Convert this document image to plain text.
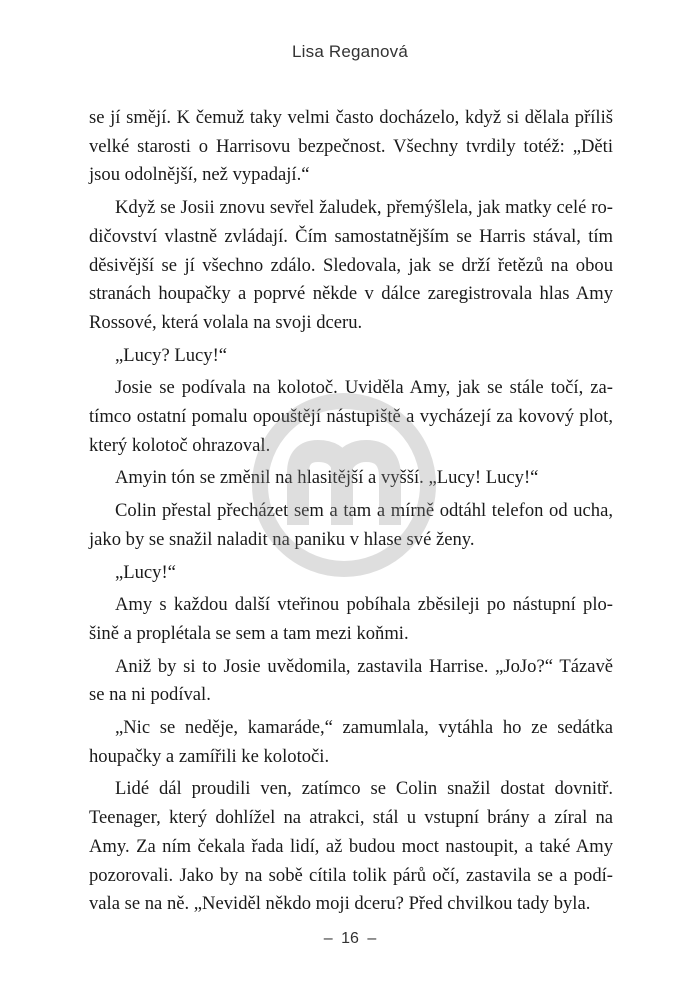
Lisa Reganová

se jí smějí. K čemuž taky velmi často docházelo, když si dělala příliš velké starosti o Harrisovu bezpečnost. Všechny tvrdily totéž: „Děti jsou odolnější, než vypadají.“

Když se Josii znovu sevřel žaludek, přemýšlela, jak matky celé rodičovství vlastně zvládají. Čím samostatnějším se Harris stával, tím děsivější se jí všechno zdálo. Sledovala, jak se drží řetězů na obou stranách houpačky a poprvé někde v dálce zaregistrovala hlas Amy Rossové, která volala na svoji dceru.

„Lucy? Lucy!“

Josie se podívala na kolotoč. Uviděla Amy, jak se stále točí, zatímco ostatní pomalu opouštějí nástupiště a vycházejí za kovový plot, který kolotoč ohrazoval.

Amyin tón se změnil na hlasitější a vyšší. „Lucy! Lucy!“

Colin přestal přecházet sem a tam a mírně odtáhl telefon od ucha, jako by se snažil naladit na paniku v hlase své ženy.

„Lucy!“

Amy s každou další vteřinou pobíhala zběsileji po nástupní plošině a proplétala se sem a tam mezi koňmi.

Aniž by si to Josie uvědomila, zastavila Harrise. „JoJo?“ Tázavě se na ni podíval.

„Nic se neděje, kamaráde,“ zamumlala, vytáhla ho ze sedátka houpačky a zamířili ke kolotoči.

Lidé dál proudili ven, zatímco se Colin snažil dostat dovnitř. Teenager, který dohlížel na atrakci, stál u vstupní brány a zíral na Amy. Za ním čekala řada lidí, až budou moct nastoupit, a také Amy pozorovali. Jako by na sobě cítila tolik párů očí, zastavila se a podívala se na ně. „Neviděl někdo moji dceru? Před chvilkou tady byla.

– 16 –
